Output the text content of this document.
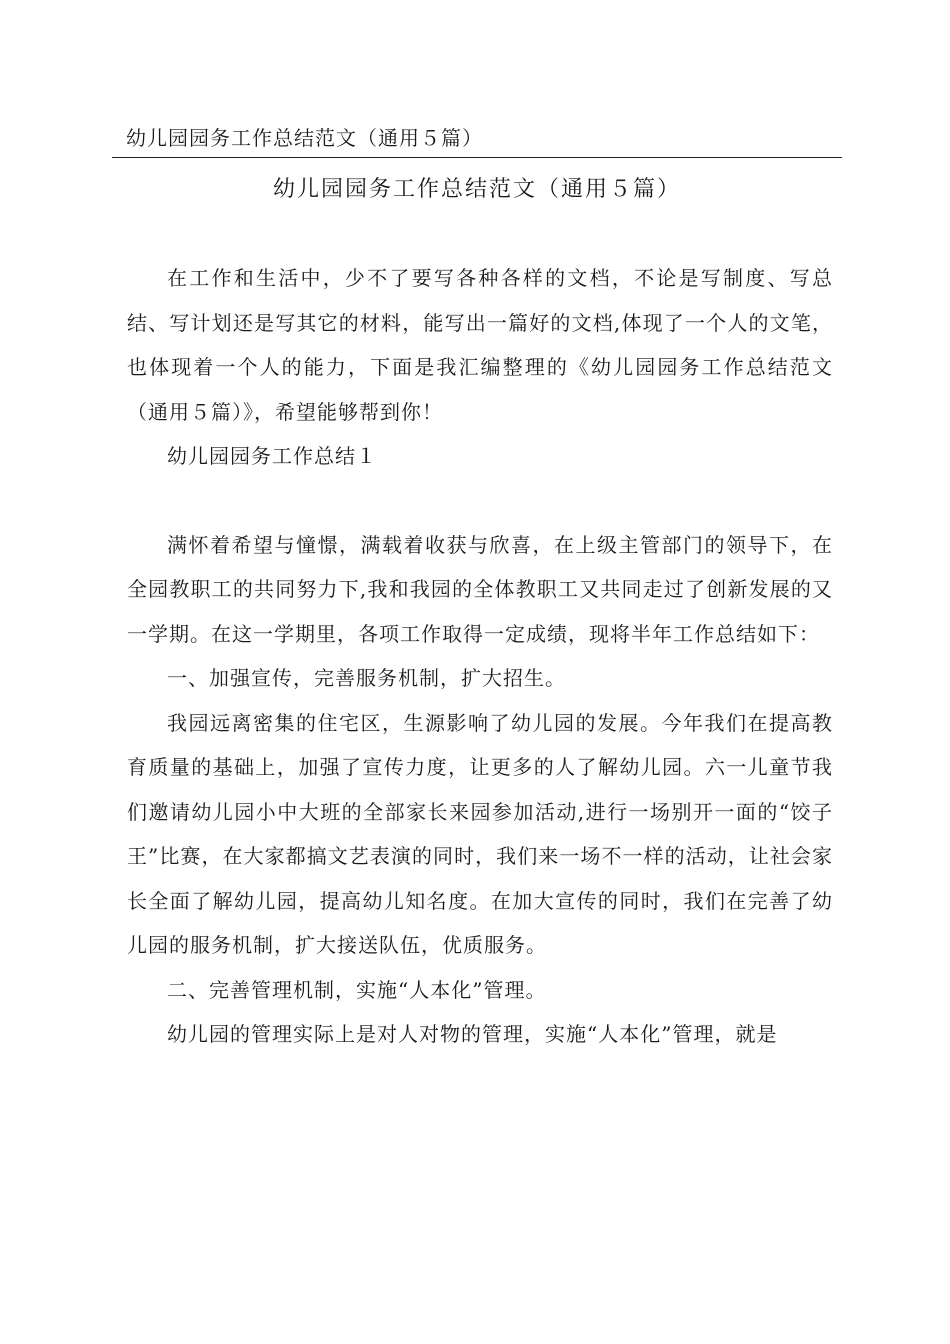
幼儿园园务工作总结范文（通用５篇）
幼儿园园务工作总结范文（通用５篇）

在工作和生活中，少不了要写各种各样的文档，不论是写制度、写总结、写计划还是写其它的材料，能写出一篇好的文档,体现了一个人的文笔，也体现着一个人的能力，下面是我汇编整理的《幼儿园园务工作总结范文（通用５篇）》，希望能够帮到你！

幼儿园园务工作总结１

满怀着希望与憧憬，满载着收获与欣喜，在上级主管部门的领导下，在全园教职工的共同努力下,我和我园的全体教职工又共同走过了创新发展的又一学期。在这一学期里，各项工作取得一定成绩，现将半年工作总结如下：

一、加强宣传，完善服务机制，扩大招生。

我园远离密集的住宅区，生源影响了幼儿园的发展。今年我们在提高教育质量的基础上，加强了宣传力度，让更多的人了解幼儿园。六一儿童节我们邀请幼儿园小中大班的全部家长来园参加活动,进行一场别开一面的“饺子王”比赛，在大家都搞文艺表演的同时，我们来一场不一样的活动，让社会家长全面了解幼儿园，提高幼儿知名度。在加大宣传的同时，我们在完善了幼儿园的服务机制，扩大接送队伍，优质服务。

二、完善管理机制，实施“人本化”管理。

幼儿园的管理实际上是对人对物的管理，实施“人本化”管理，就是
